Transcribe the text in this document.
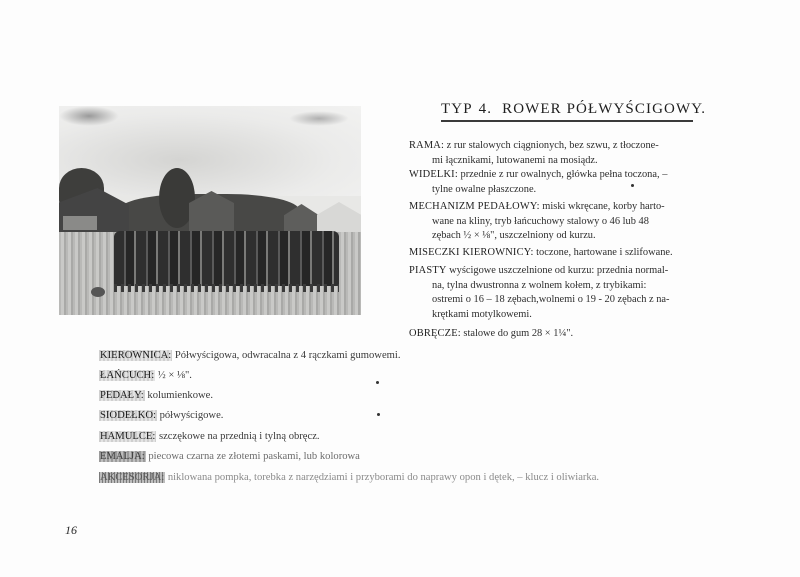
TYP 4. ROWER PÓŁWYŚCIGOWY.
RAMA: z rur stalowych ciągnionych, bez szwu, z tłoczone-
mi łącznikami, lutowanemi na mosiądz.
WIDELKI: przednie z rur owalnych, główka pełna toczona, –
tylne owalne płaszczone.
MECHANIZM PEDAŁOWY: miski wkręcane, korby harto-
wane na kliny, tryb łańcuchowy stalowy o 46 lub 48
zębach ½ × ⅛", uszczelniony od kurzu.
MISECZKI KIEROWNICY: toczone, hartowane i szlifowane.
PIASTY wyścigowe uszczelnione od kurzu: przednia normal-
na, tylna dwustronna z wolnem kołem, z trybikami:
ostremi o 16 – 18 zębach,wolnemi o 19 - 20 zębach z na-
krętkami motylkowemi.
OBRĘCZE: stalowe do gum 28 × 1¼".
KIEROWNICA: Półwyścigowa, odwracalna z 4 rączkami gumowemi.
ŁAŃCUCH: ½ × ⅛".
PEDAŁY: kolumienkowe.
SIODEŁKO: półwyścigowe.
HAMULCE: szczękowe na przednią i tylną obręcz.
EMALJA: piecowa czarna ze złotemi paskami, lub kolorowa
AKCESORJA: niklowana pompka, torebka z narzędziami i przyborami do naprawy opon i dętek, – klucz i oliwiarka.
16
